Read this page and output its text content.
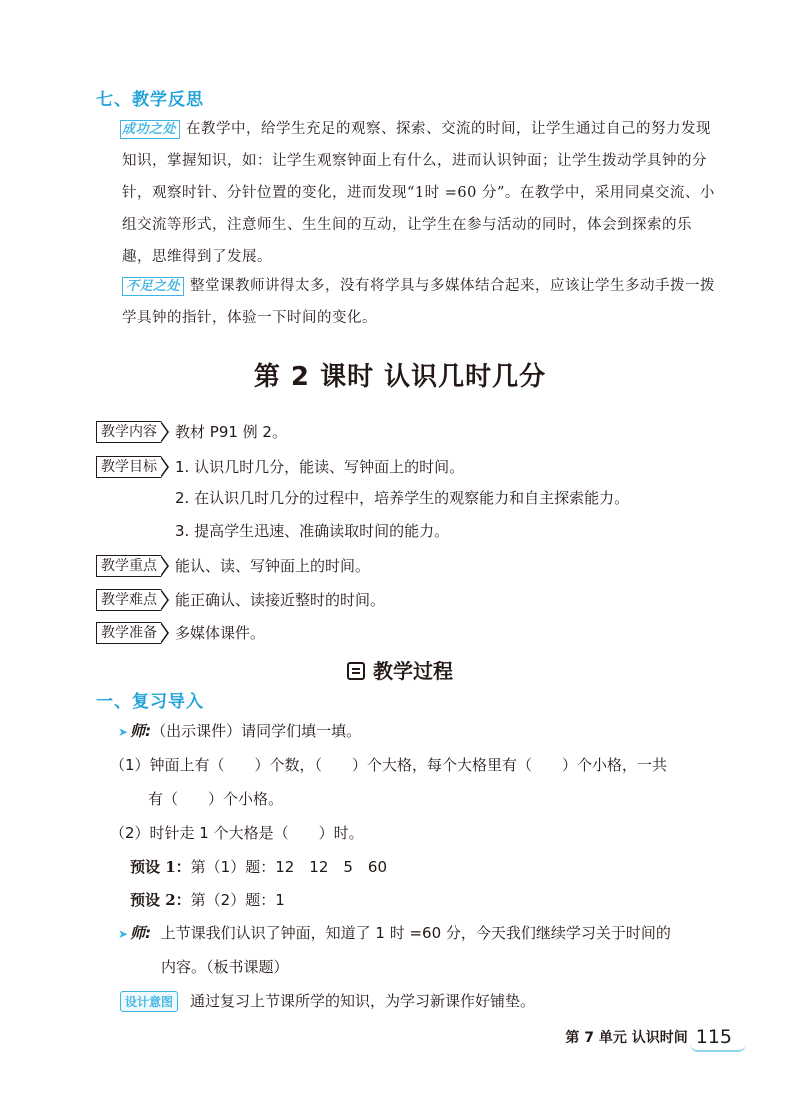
七、教学反思
成功之处 在教学中，给学生充足的观察、探索、交流的时间，让学生通过自己的努力发现知识，掌握知识，如：让学生观察钟面上有什么，进而认识钟面；让学生拨动学具钟的分针，观察时针、分针位置的变化，进而发现“1时 =60 分”。在教学中，采用同桌交流、小组交流等形式，注意师生、生生间的互动，让学生在参与活动的同时，体会到探索的乐趣，思维得到了发展。
不足之处 整堂课教师讲得太多，没有将学具与多媒体结合起来，应该让学生多动手拨一拨学具钟的指针，体验一下时间的变化。
第 2 课时 认识几时几分
教学内容 教材 P91 例 2。
教学目标 1. 认识几时几分，能读、写钟面上的时间。
2. 在认识几时几分的过程中，培养学生的观察能力和自主探索能力。
3. 提高学生迅速、准确读取时间的能力。
教学重点 能认、读、写钟面上的时间。
教学难点 能正确认、读接近整时的时间。
教学准备 多媒体课件。
教学过程
一、复习导入
➤ 师:（出示课件）请同学们填一填。
（1）钟面上有（　　）个数，（　　）个大格，每个大格里有（　　）个小格，一共
有（　　）个小格。
（2）时针走 1 个大格是（　　）时。
预设 1：第（1）题：12　12　5　60
预设 2：第（2）题：1
➤ 师: 上节课我们认识了钟面，知道了 1 时 =60 分，今天我们继续学习关于时间的
内容。（板书课题）
设计意图 通过复习上节课所学的知识，为学习新课作好铺垫。
第 7 单元 认识时间 115
